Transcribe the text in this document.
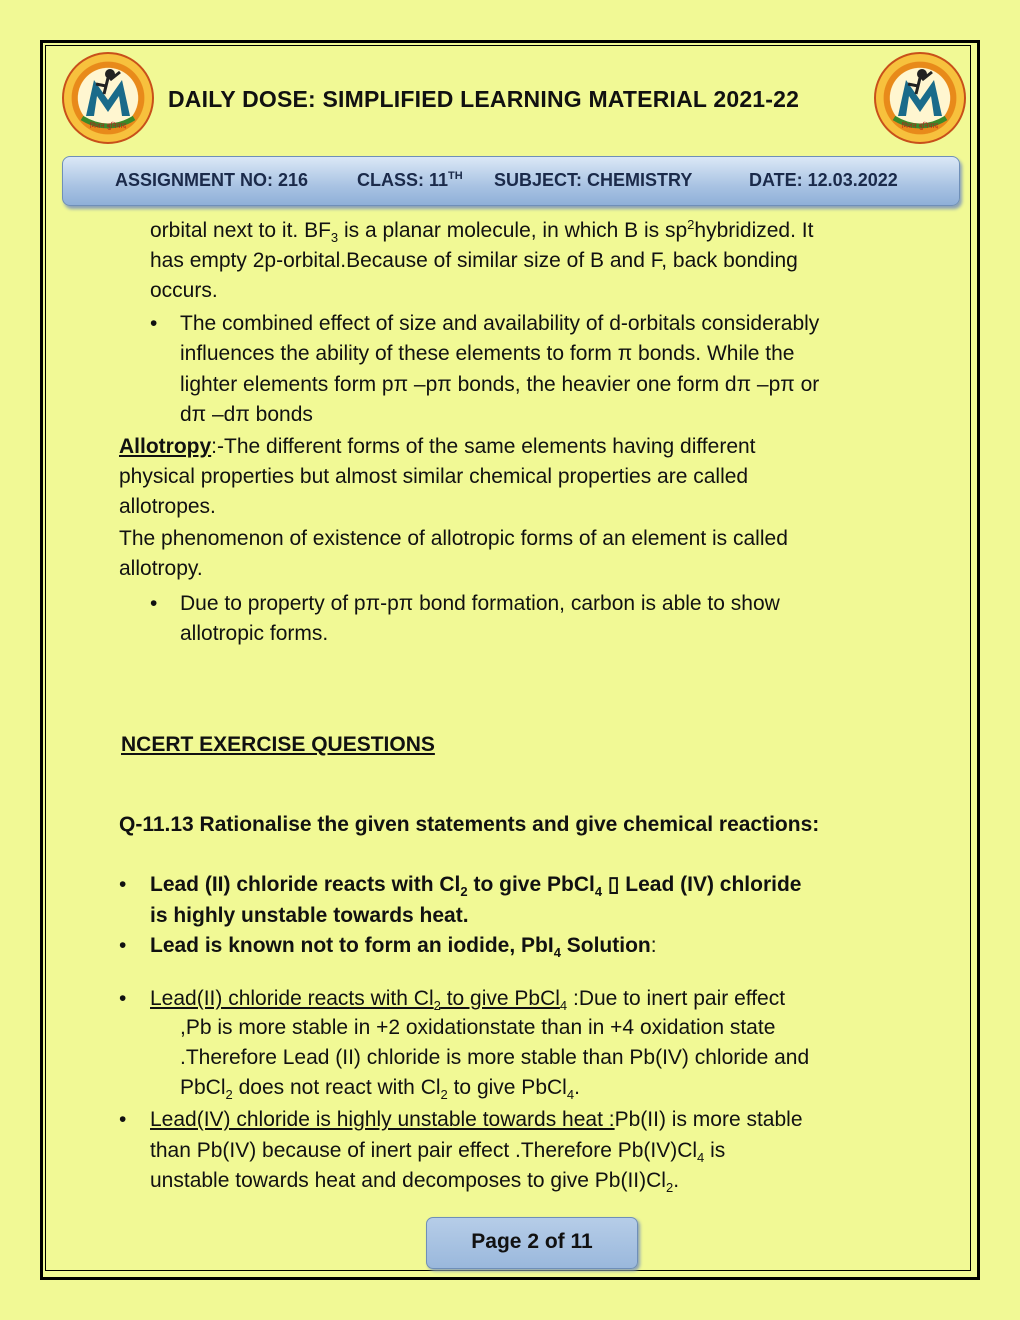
मिशन बुनियाद	मिशन बुनियाद
DAILY DOSE: SIMPLIFIED LEARNING MATERIAL 2021-22
ASSIGNMENT NO: 216	CLASS: 11TH SUBJECT: CHEMISTRY	DATE: 12.03.2022
orbital next to it. $BF_3$ is a planar molecule, in which B is $sp^2hybridized$. It
has empty 2p-orbital.Because of similar size of B and F, back bonding
occurs.
• The combined effect of size and availability of d-orbitals considerably
influences the ability of these elements to form π bonds. While the
lighter elements form pπ –pπ bonds, the heavier one form dπ –pπ or
dπ –dπ bonds
Allotropy:-The different forms of the same elements having different
physical properties but almost similar chemical properties are called
allotropes.
The phenomenon of existence of allotropic forms of an element is called
allotropy.
• Due to property of pπ-pπ bond formation, carbon is able to show
allotropic forms.
NCERT EXERCISE QUESTIONS
Q-11.13 Rationalise the given statements and give chemical reactions:
• Lead (II) chloride reacts with $Cl_2$ to give PbCl$_4$ ▯ Lead (IV) chloride
is highly unstable towards heat.
• Lead is known not to form an iodide, PbI$_4$ Solution:
• Lead(II) chloride reacts with $Cl_2$ to give PbCl$_4$ :Due to inert pair effect
,Pb is more stable in +2 oxidationstate than in +4 oxidation state
.Therefore Lead (II) chloride is more stable than Pb(IV) chloride and
PbCl$_2$ does not react with $Cl_2$ to give PbCl$_4$.
• Lead(IV) chloride is highly unstable towards heat :Pb(II) is more stable
than Pb(IV) because of inert pair effect .Therefore $Pb(IV)Cl_4$ is
unstable towards heat and decomposes to give $Pb(II)Cl_2$.
Page 2 of 11
